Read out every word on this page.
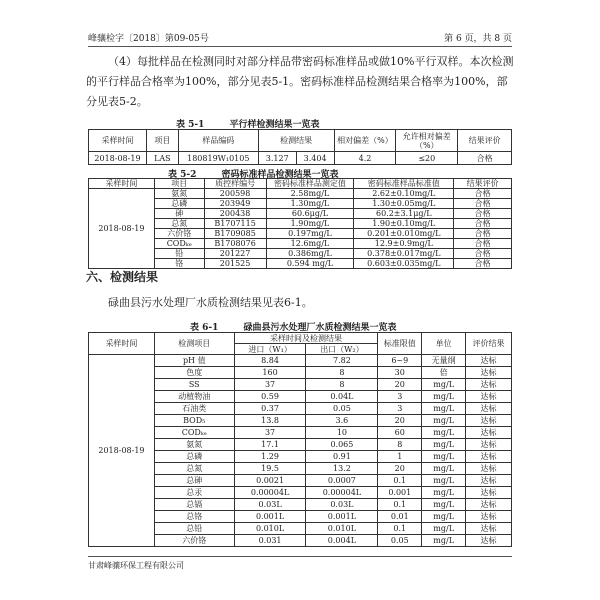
峰骧检字〔2018〕第09-05号	第 6 页，共 8 页
（4）每批样品在检测同时对部分样品带密码标准样品或做10%平行双样。本次检测的平行样品合格率为100%，部分见表5-1。密码标准样品检测结果合格率为100%，部分见表5-2。
表 5-1	平行样检测结果一览表
采样时间	项目	样品编码	检测结果		相对偏差（%）	允许相对偏差（%）	结果评价
2018-08-19	LAS	180819W₁0105	3.127	3.404	4.2	≤20	合格
表 5-2	密码标准样品检测结果一览表
采样时间	项目	质控样编号	密码标准样品测定值	密码标准样品标准值	结果评价
2018-08-19	氨氮	200598	2.58mg/L	2.62±0.10mg/L	合格
	总磷	203949	1.30mg/L	1.30±0.05mg/L	合格
	砷	200438	60.6μg/L	60.2±3.1μg/L	合格
	总氮	B1707115	1.90mg/L	1.90±0.10mg/L	合格
	六价铬	B1709085	0.197mg/L	0.201±0.010mg/L	合格
	CODₖₑ	B1708076	12.6mg/L	12.9±0.9mg/L	合格
	铅	201227	0.386mg/L	0.378±0.017mg/L	合格
	铬	201525	0.594 mg/L	0.603±0.035mg/L	合格
六、检测结果
碌曲县污水处理厂水质检测结果见表6-1。
表 6-1	碌曲县污水处理厂水质检测结果一览表
采样时间	检测项目	采样时间及检测结果		标准限值	单位	评价结果
		进口（W₁）	出口（W₂）			
2018-08-19	pH 值	8.84	7.82	6~9	无量纲	达标
	色度	160	8	30	倍	达标
	SS	37	8	20	mg/L	达标
	动植物油	0.59	0.04L	3	mg/L	达标
	石油类	0.37	0.05	3	mg/L	达标
	BOD₅	13.8	3.6	20	mg/L	达标
	CODₖₑ	37	10	60	mg/L	达标
	氨氮	17.1	0.065	8	mg/L	达标
	总磷	1.29	0.91	1	mg/L	达标
	总氮	19.5	13.2	20	mg/L	达标
	总砷	0.0021	0.0007	0.1	mg/L	达标
	总汞	0.00004L	0.00004L	0.001	mg/L	达标
	总镉	0.03L	0.03L	0.1	mg/L	达标
	总铬	0.001L	0.001L	0.01	mg/L	达标
	总铅	0.010L	0.010L	0.1	mg/L	达标
	六价铬	0.031	0.004L	0.05	mg/L	达标
甘肃峰骧环保工程有限公司
